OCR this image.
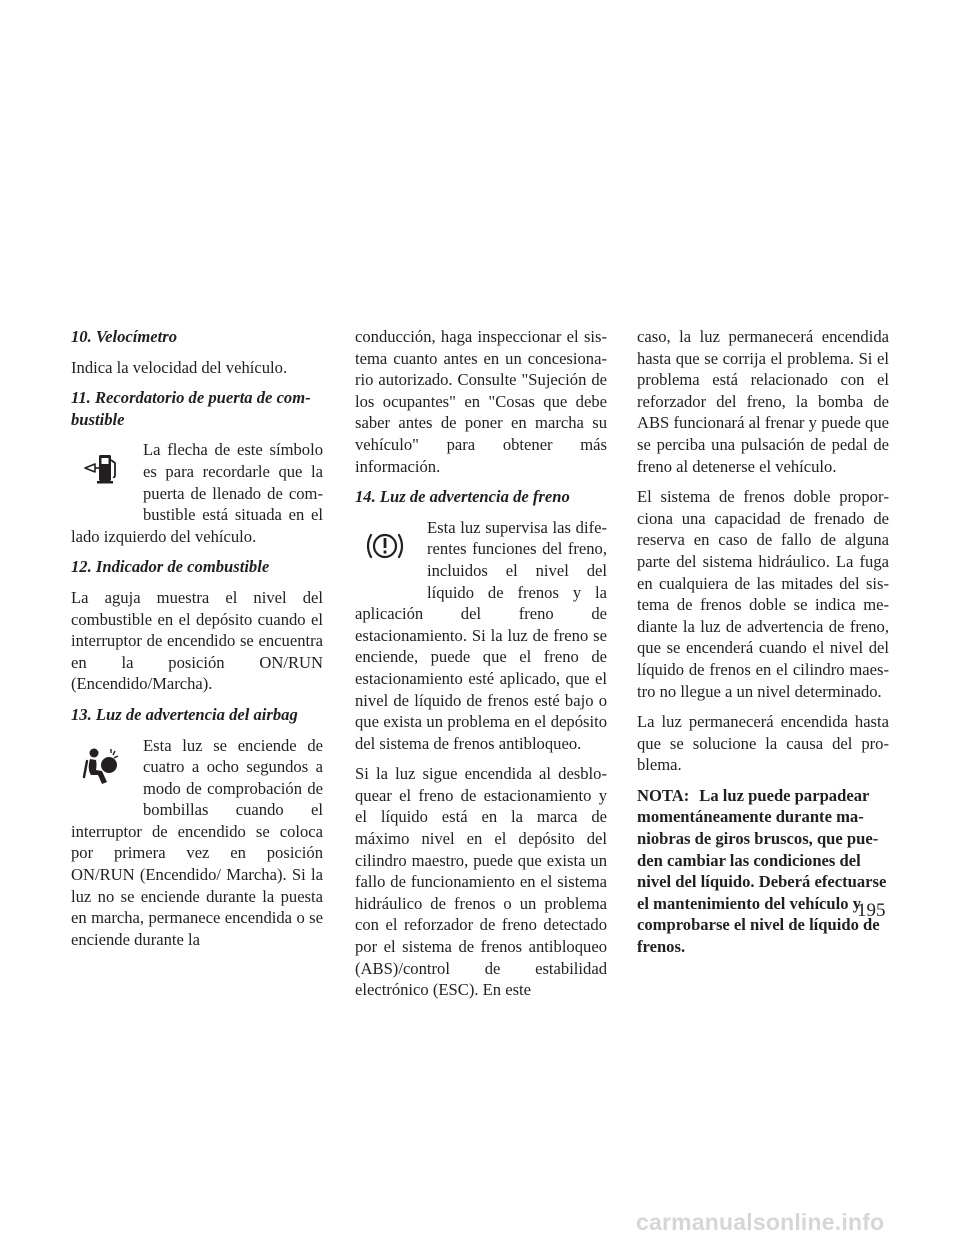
10. Velocímetro

Indica la velocidad del vehículo.

11. Recordatorio de puerta de combustible

La flecha de este símbolo es para recordarle que la puerta de llenado de combustible está situada en el lado izquierdo del vehículo.

12. Indicador de combustible

La aguja muestra el nivel del combustible en el depósito cuando el interruptor de encendido se encuentra en la posición ON/RUN (Encendido/Marcha).

13. Luz de advertencia del airbag

Esta luz se enciende de cuatro a ocho segundos a modo de comprobación de bombillas cuando el interruptor de encendido se coloca por primera vez en posición ON/RUN (Encendido/ Marcha). Si la luz no se enciende durante la puesta en marcha, permanece encendida o se enciende durante la

conducción, haga inspeccionar el sistema cuanto antes en un concesionario autorizado. Consulte "Sujeción de los ocupantes" en "Cosas que debe saber antes de poner en marcha su vehículo" para obtener más información.

14. Luz de advertencia de freno

Esta luz supervisa las diferentes funciones del freno, incluidos el nivel del líquido de frenos y la aplicación del freno de estacionamiento. Si la luz de freno se enciende, puede que el freno de estacionamiento esté aplicado, que el nivel de líquido de frenos esté bajo o que exista un problema en el depósito del sistema de frenos antibloqueo.

Si la luz sigue encendida al desbloquear el freno de estacionamiento y el líquido está en la marca de máximo nivel en el depósito del cilindro maestro, puede que exista un fallo de funcionamiento en el sistema hidráulico de frenos o un problema con el reforzador de freno detectado por el sistema de frenos antibloqueo (ABS)/control de estabilidad electrónico (ESC). En este

caso, la luz permanecerá encendida hasta que se corrija el problema. Si el problema está relacionado con el reforzador del freno, la bomba de ABS funcionará al frenar y puede que se perciba una pulsación de pedal de freno al detenerse el vehículo.

El sistema de frenos doble proporciona una capacidad de frenado de reserva en caso de fallo de alguna parte del sistema hidráulico. La fuga en cualquiera de las mitades del sistema de frenos doble se indica mediante la luz de advertencia de freno, que se encenderá cuando el nivel del líquido de frenos en el cilindro maestro no llegue a un nivel determinado.

La luz permanecerá encendida hasta que se solucione la causa del problema.

NOTA: La luz puede parpadear momentáneamente durante maniobras de giros bruscos, que pueden cambiar las condiciones del nivel del líquido. Deberá efectuarse el mantenimiento del vehículo y comprobarse el nivel de líquido de frenos.

195
carmanualsonline.info
